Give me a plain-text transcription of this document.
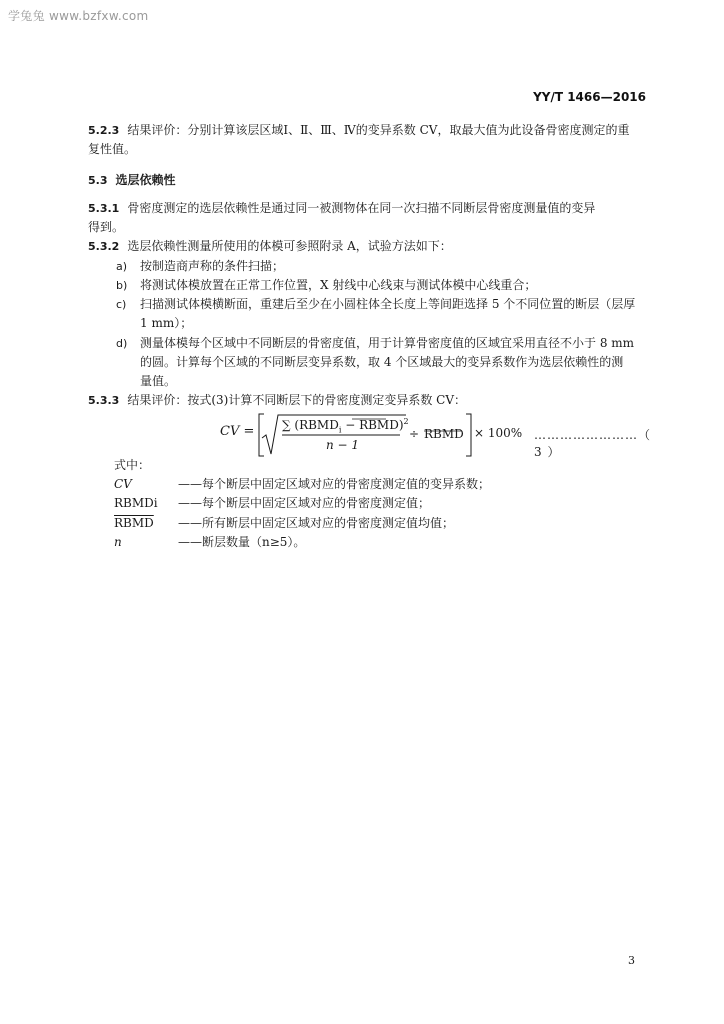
学兔兔 www.bzfxw.com
YY/T 1466—2016
5.2.3 结果评价：分别计算该层区域Ⅰ、Ⅱ、Ⅲ、Ⅳ的变异系数 CV，取最大值为此设备骨密度测定的重
复性值。
5.3 选层依赖性
5.3.1 骨密度测定的选层依赖性是通过同一被测物体在同一次扫描不同断层骨密度测量值的变异
得到。
5.3.2 选层依赖性测量所使用的体模可参照附录 A，试验方法如下：
a)	按制造商声称的条件扫描；
b)	将测试体模放置在正常工作位置，X 射线中心线束与测试体模中心线重合；
c)	扫描测试体模横断面，重建后至少在小圆柱体全长度上等间距选择 5 个不同位置的断层（层厚
1 mm）；
d)	测量体模每个区域中不同断层的骨密度值，用于计算骨密度值的区域宜采用直径不小于 8 mm
的圆。计算每个区域的不同断层变异系数，取 4 个区域最大的变异系数作为选层依赖性的测
量值。
5.3.3 结果评价：按式(3)计算不同断层下的骨密度测定变异系数 CV：
CV = ∑ ($RBMD_i$ − RBMD)$^2$
n − 1
÷ RBMD × 100% ……………………（ 3 ）
式中：
CV	——每个断层中固定区域对应的骨密度测定值的变异系数；
RBMDi ——每个断层中固定区域对应的骨密度测定值；
RBMD ——所有断层中固定区域对应的骨密度测定值均值；
n	——断层数量（n≥5）。
3
